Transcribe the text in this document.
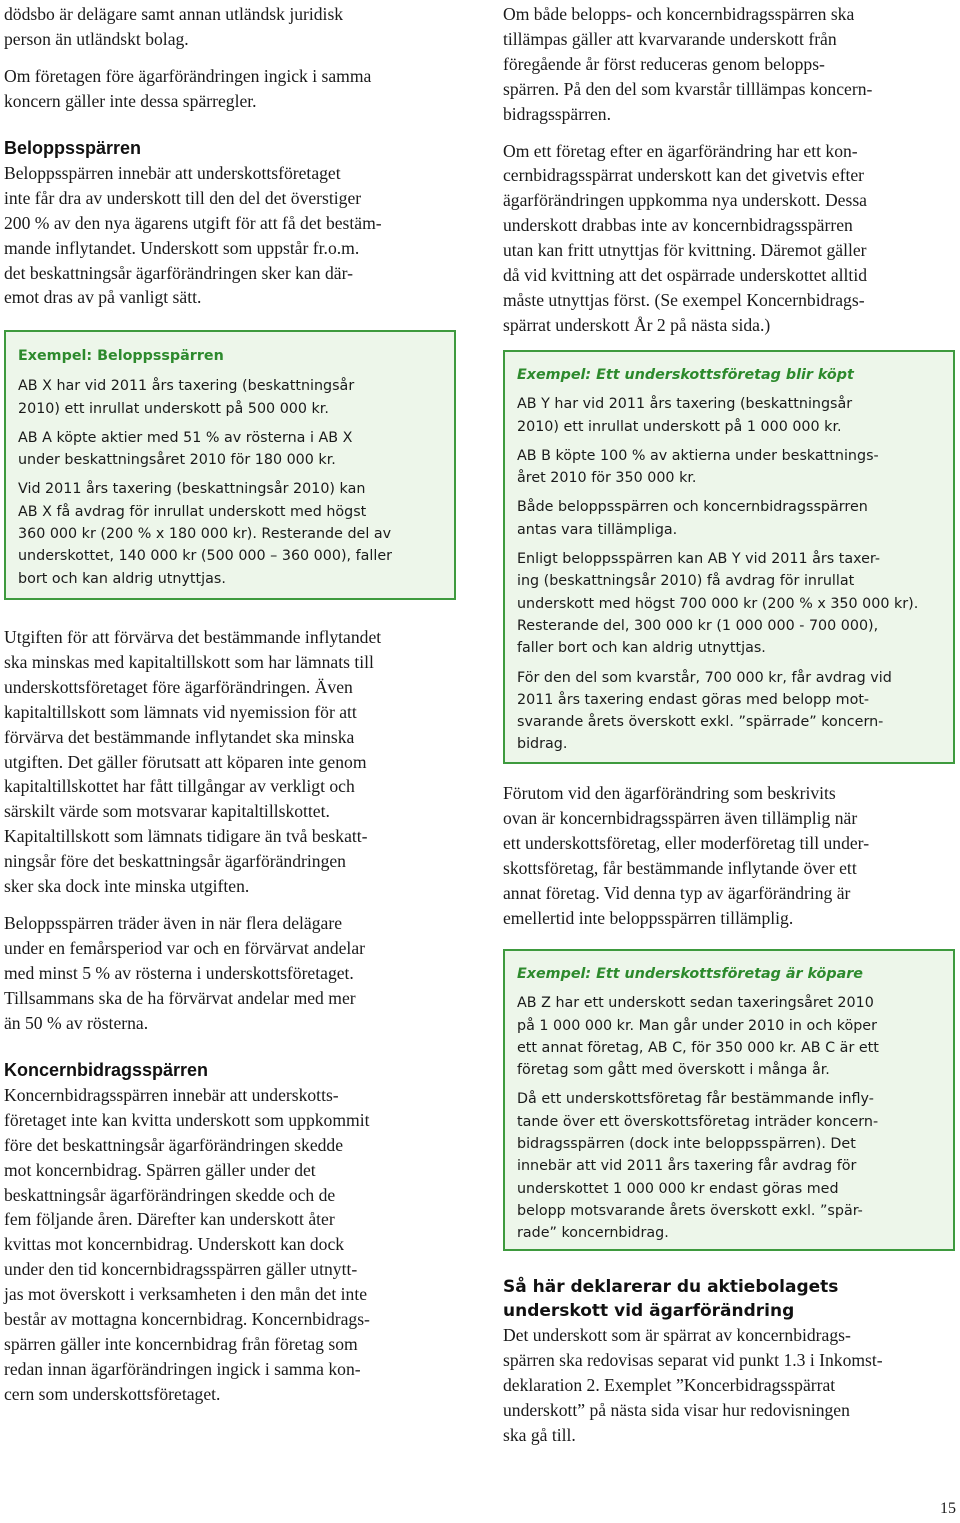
dödsbo är delägare samt annan utländsk juridisk
person än utländskt bolag.

Om företagen före ägarförändringen ingick i samma
koncern gäller inte dessa spärregler.

Beloppsspärren

Beloppsspärren innebär att underskottsföretaget
inte får dra av underskott till den del det överstiger
200 % av den nya ägarens utgift för att få det bestäm-
mande inflytandet. Underskott som uppstår fr.o.m.
det beskattningsår ägarförändringen sker kan där-
emot dras av på vanligt sätt.

Exempel: Beloppsspärren

AB X har vid 2011 års taxering (beskattningsår
2010) ett inrullat underskott på 500 000 kr.

AB A köpte aktier med 51 % av rösterna i AB X
under beskattningsåret 2010 för 180 000 kr.

Vid 2011 års taxering (beskattningsår 2010) kan
AB X få avdrag för inrullat underskott med högst
360 000 kr (200 % x 180 000 kr). Resterande del av
underskottet, 140 000 kr (500 000 – 360 000), faller
bort och kan aldrig utnyttjas.

Utgiften för att förvärva det bestämmande inflytandet
ska minskas med kapitaltillskott som har lämnats till
underskottsföretaget före ägarförändringen. Även
kapitaltillskott som lämnats vid nyemission för att
förvärva det bestämmande inflytandet ska minska
utgiften. Det gäller förutsatt att köparen inte genom
kapitaltillskottet har fått tillgångar av verkligt och
särskilt värde som motsvarar kapitaltillskottet.
Kapitaltillskott som lämnats tidigare än två beskatt-
ningsår före det beskattningsår ägarförändringen
sker ska dock inte minska utgiften.

Beloppsspärren träder även in när flera delägare
under en femårsperiod var och en förvärvat andelar
med minst 5 % av rösterna i underskottsföretaget.
Tillsammans ska de ha förvärvat andelar med mer
än 50 % av rösterna.

Koncernbidragsspärren

Koncernbidragsspärren innebär att underskotts-
företaget inte kan kvitta underskott som uppkommit
före det beskattningsår ägarförändringen skedde
mot koncernbidrag. Spärren gäller under det
beskattningsår ägarförändringen skedde och de
fem följande åren. Därefter kan underskott åter
kvittas mot koncernbidrag. Underskott kan dock
under den tid koncernbidragsspärren gäller utnytt-
jas mot överskott i verksamheten i den mån det inte
består av mottagna koncernbidrag. Koncernbidrags-
spärren gäller inte koncernbidrag från företag som
redan innan ägarförändringen ingick i samma kon-
cern som underskottsföretaget.

Om både belopps- och koncernbidragsspärren ska
tillämpas gäller att kvarvarande underskott från
föregående år först reduceras genom belopps-
spärren. På den del som kvarstår tilllämpas koncern-
bidragsspärren.

Om ett företag efter en ägarförändring har ett kon-
cernbidragsspärrat underskott kan det givetvis efter
ägarförändringen uppkomma nya underskott. Dessa
underskott drabbas inte av koncernbidragsspärren
utan kan fritt utnyttjas för kvittning. Däremot gäller
då vid kvittning att det ospärrade underskottet alltid
måste utnyttjas först. (Se exempel Koncernbidrags-
spärrat underskott År 2 på nästa sida.)

Exempel: Ett underskottsföretag blir köpt

AB Y har vid 2011 års taxering (beskattningsår
2010) ett inrullat underskott på 1 000 000 kr.

AB B köpte 100 % av aktierna under beskattnings-
året 2010 för 350 000 kr.

Både beloppsspärren och koncernbidragsspärren
antas vara tillämpliga.

Enligt beloppsspärren kan AB Y vid 2011 års taxer-
ing (beskattningsår 2010) få avdrag för inrullat
underskott med högst 700 000 kr (200 % x 350 000 kr).
Resterande del, 300 000 kr (1 000 000 - 700 000),
faller bort och kan aldrig utnyttjas.

För den del som kvarstår, 700 000 kr, får avdrag vid
2011 års taxering endast göras med belopp mot-
svarande årets överskott exkl. ”spärrade” koncern-
bidrag.

Förutom vid den ägarförändring som beskrivits
ovan är koncernbidragsspärren även tillämplig när
ett underskottsföretag, eller moderföretag till under-
skottsföretag, får bestämmande inflytande över ett
annat företag. Vid denna typ av ägarförändring är
emellertid inte beloppsspärren tillämplig.

Exempel: Ett underskottsföretag är köpare

AB Z har ett underskott sedan taxeringsåret 2010
på 1 000 000 kr. Man går under 2010 in och köper
ett annat företag, AB C, för 350 000 kr. AB C är ett
företag som gått med överskott i många år.

Då ett underskottsföretag får bestämmande infly-
tande över ett överskottsföretag inträder koncern-
bidragsspärren (dock inte beloppsspärren). Det
innebär att vid 2011 års taxering får avdrag för
underskottet 1 000 000 kr endast göras med
belopp motsvarande årets överskott exkl. ”spär-
rade” koncernbidrag.

Så här deklarerar du aktiebolagets
underskott vid ägarförändring

Det underskott som är spärrat av koncernbidrags-
spärren ska redovisas separat vid punkt 1.3 i Inkomst-
deklaration 2. Exemplet ”Koncerbidragsspärrat
underskott” på nästa sida visar hur redovisningen
ska gå till.

15
